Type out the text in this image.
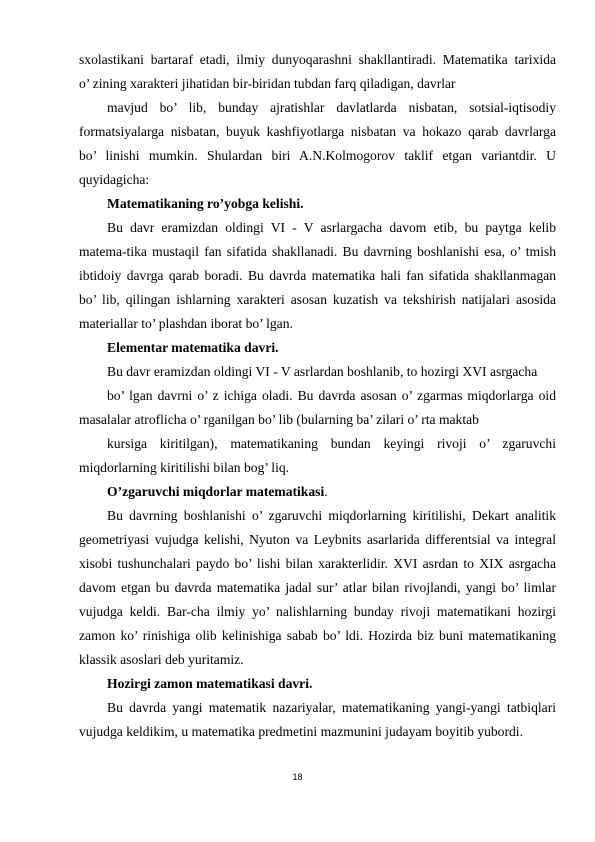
sxolastikani bartaraf etadi, ilmiy dunyoqarashni shakllantiradi. Matematika tarixida
o’ zining xarakteri jihatidan bir-biridan tubdan farq qiladigan, davrlar
mavjud bo’ lib, bunday ajratishlar davlatlarda nisbatan, sotsial-iqtisodiy
formatsiyalarga nisbatan, buyuk kashfiyotlarga nisbatan va hokazo qarab davrlarga
bo’ linishi mumkin. Shulardan biri A.N.Kolmogorov taklif etgan variantdir. U
quyidagicha:
Matematikaning ro’yobga kelishi.
Bu davr eramizdan oldingi VI - V asrlargacha davom etib, bu paytga kelib
matema-tika mustaqil fan sifatida shakllanadi. Bu davrning boshlanishi esa, o’ tmish
ibtidoiy davrga qarab boradi. Bu davrda matematika hali fan sifatida shakllanmagan
bo’ lib, qilingan ishlarning xarakteri asosan kuzatish va tekshirish natijalari asosida
materiallar to’ plashdan iborat bo’ lgan.
Elementar matematika davri.
Bu davr eramizdan oldingi VI - V asrlardan boshlanib, to hozirgi XVI asrgacha
bo’ lgan davrni o’ z ichiga oladi. Bu davrda asosan o’ zgarmas miqdorlarga oid
masalalar atroflicha o’ rganilgan bo’ lib (bularning ba’ zilari o’ rta maktab
kursiga kiritilgan), matematikaning bundan keyingi rivoji o’ zgaruvchi
miqdorlarning kiritilishi bilan bog’ liq.
O’zgaruvchi miqdorlar matematikasi.
Bu davrning boshlanishi o’ zgaruvchi miqdorlarning kiritilishi, Dekart analitik
geometriyasi vujudga kelishi, Nyuton va Leybnits asarlarida differentsial va integral
xisobi tushunchalari paydo bo’ lishi bilan xarakterlidir. XVI asrdan to XIX asrgacha
davom etgan bu davrda matematika jadal sur’ atlar bilan rivojlandi, yangi bo’ limlar
vujudga keldi. Bar-cha ilmiy yo’ nalishlarning bunday rivoji matematikani hozirgi
zamon ko’ rinishiga olib kelinishiga sabab bo’ ldi. Hozirda biz buni matematikaning
klassik asoslari deb yuritamiz.
Hozirgi zamon matematikasi davri.
Bu davrda yangi matematik nazariyalar, matematikaning yangi-yangi tatbiqlari
vujudga keldikim, u matematika predmetini mazmunini judayam boyitib yubordi.
18
